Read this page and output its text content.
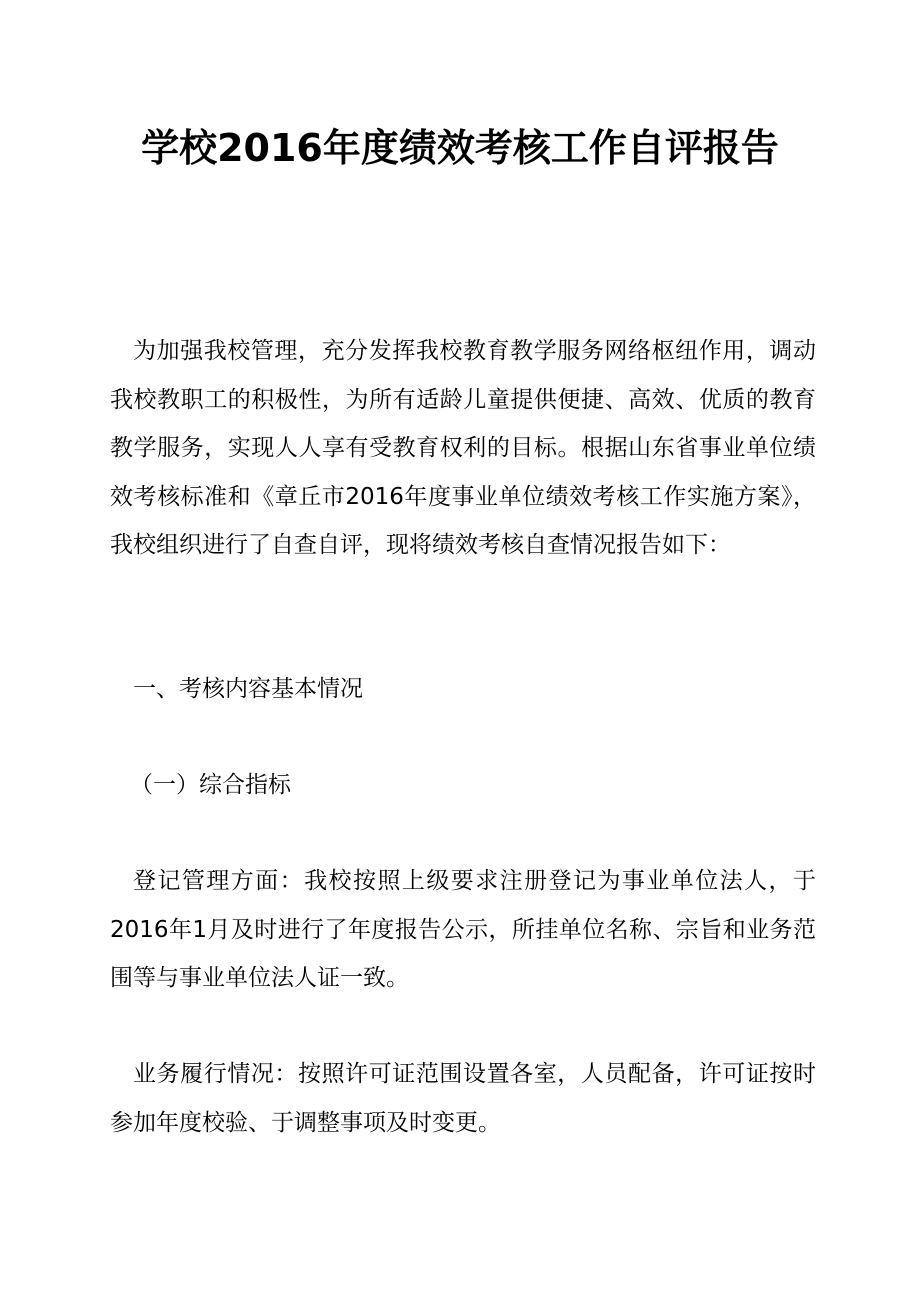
学校2016年度绩效考核工作自评报告

为加强我校管理，充分发挥我校教育教学服务网络枢纽作用，调动我校教职工的积极性，为所有适龄儿童提供便捷、高效、优质的教育教学服务，实现人人享有受教育权利的目标。根据山东省事业单位绩效考核标准和《章丘市2016年度事业单位绩效考核工作实施方案》，我校组织进行了自查自评，现将绩效考核自查情况报告如下：

一、考核内容基本情况

（一）综合指标

登记管理方面：我校按照上级要求注册登记为事业单位法人，于2016年1月及时进行了年度报告公示，所挂单位名称、宗旨和业务范围等与事业单位法人证一致。

业务履行情况：按照许可证范围设置各室，人员配备，许可证按时参加年度校验、于调整事项及时变更。
